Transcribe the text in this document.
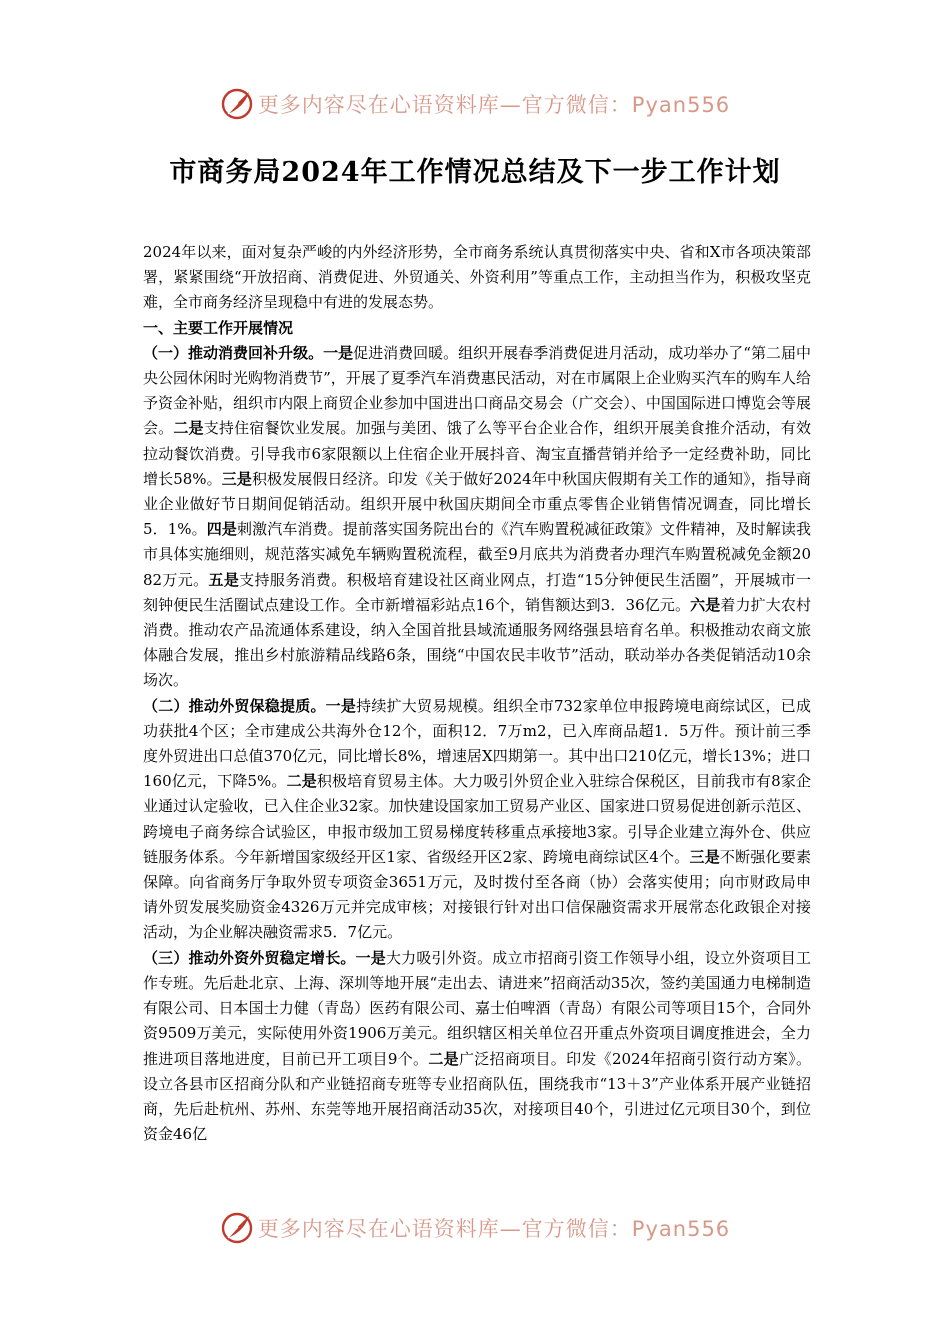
更多内容尽在心语资料库—官方微信：Pyan556
市商务局2024年工作情况总结及下一步工作计划

2024年以来，面对复杂严峻的内外经济形势，全市商务系统认真贯彻落实中央、省和X市各项决策部署，紧紧围绕“开放招商、消费促进、外贸通关、外资利用”等重点工作，主动担当作为，积极攻坚克难，全市商务经济呈现稳中有进的发展态势。

一、主要工作开展情况

（一）推动消费回补升级。一是促进消费回暖。组织开展春季消费促进月活动，成功举办了“第二届中央公园休闲时光购物消费节”，开展了夏季汽车消费惠民活动，对在市属限上企业购买汽车的购车人给予资金补贴，组织市内限上商贸企业参加中国进出口商品交易会（广交会）、中国国际进口博览会等展会。二是支持住宿餐饮业发展。加强与美团、饿了么等平台企业合作，组织开展美食推介活动，有效拉动餐饮消费。引导我市6家限额以上住宿企业开展抖音、淘宝直播营销并给予一定经费补助，同比增长58%。三是积极发展假日经济。印发《关于做好2024年中秋国庆假期有关工作的通知》，指导商业企业做好节日期间促销活动。组织开展中秋国庆期间全市重点零售企业销售情况调查，同比增长5．1%。四是刺激汽车消费。提前落实国务院出台的《汽车购置税减征政策》文件精神，及时解读我市具体实施细则，规范落实减免车辆购置税流程，截至9月底共为消费者办理汽车购置税减免金额2082万元。五是支持服务消费。积极培育建设社区商业网点，打造“15分钟便民生活圈”，开展城市一刻钟便民生活圈试点建设工作。全市新增福彩站点16个，销售额达到3．36亿元。六是着力扩大农村消费。推动农产品流通体系建设，纳入全国首批县域流通服务网络强县培育名单。积极推动农商文旅体融合发展，推出乡村旅游精品线路6条，围绕“中国农民丰收节”活动，联动举办各类促销活动10余场次。

（二）推动外贸保稳提质。一是持续扩大贸易规模。组织全市732家单位申报跨境电商综试区，已成功获批4个区；全市建成公共海外仓12个，面积12．7万m2，已入库商品超1．5万件。预计前三季度外贸进出口总值370亿元，同比增长8%，增速居X四期第一。其中出口210亿元，增长13%；进口160亿元，下降5%。二是积极培育贸易主体。大力吸引外贸企业入驻综合保税区，目前我市有8家企业通过认定验收，已入住企业32家。加快建设国家加工贸易产业区、国家进口贸易促进创新示范区、跨境电子商务综合试验区，申报市级加工贸易梯度转移重点承接地3家。引导企业建立海外仓、供应链服务体系。今年新增国家级经开区1家、省级经开区2家、跨境电商综试区4个。三是不断强化要素保障。向省商务厅争取外贸专项资金3651万元，及时拨付至各商（协）会落实使用；向市财政局申请外贸发展奖励资金4326万元并完成审核；对接银行针对出口信保融资需求开展常态化政银企对接活动，为企业解决融资需求5．7亿元。

（三）推动外资外贸稳定增长。一是大力吸引外资。成立市招商引资工作领导小组，设立外资项目工作专班。先后赴北京、上海、深圳等地开展“走出去、请进来”招商活动35次，签约美国通力电梯制造有限公司、日本国士力健（青岛）医药有限公司、嘉士伯啤酒（青岛）有限公司等项目15个，合同外资9509万美元，实际使用外资1906万美元。组织辖区相关单位召开重点外资项目调度推进会，全力推进项目落地进度，目前已开工项目9个。二是广泛招商项目。印发《2024年招商引资行动方案》。设立各县市区招商分队和产业链招商专班等专业招商队伍，围绕我市“13＋3”产业体系开展产业链招商，先后赴杭州、苏州、东莞等地开展招商活动35次，对接项目40个，引进过亿元项目30个，到位资金46亿

更多内容尽在心语资料库—官方微信：Pyan556
